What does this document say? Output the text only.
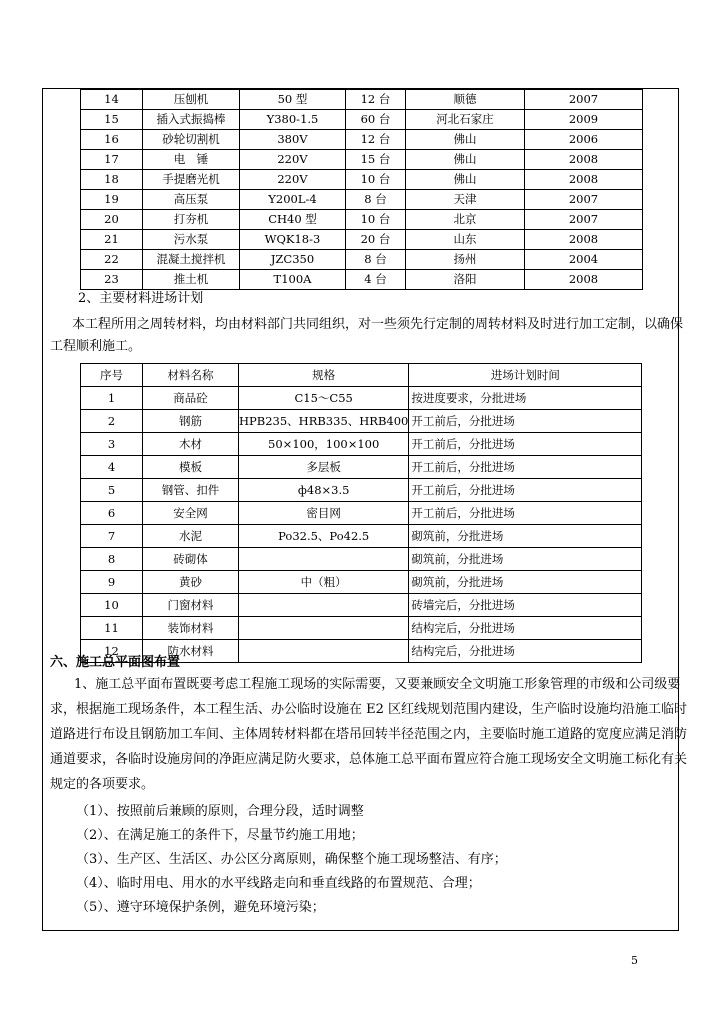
14	压刨机	50 型	12 台	顺德	2007
15	插入式振捣棒	Y380-1.5	60 台	河北石家庄	2009
16	砂轮切割机	380V	12 台	佛山	2006
17	电　锤	220V	15 台	佛山	2008
18	手提磨光机	220V	10 台	佛山	2008
19	高压泵	Y200L-4	8 台	天津	2007
20	打夯机	CH40 型	10 台	北京	2007
21	污水泵	WQK18-3	20 台	山东	2008
22	混凝土搅拌机	JZC350	8 台	扬州	2004
23	推土机	T100A	4 台	洛阳	2008
2、主要材料进场计划
本工程所用之周转材料，均由材料部门共同组织，对一些须先行定制的周转材料及时进行加工定制，以确保
工程顺利施工。
序号	材料名称	规格	进场计划时间
1	商品砼	C15～C55	按进度要求，分批进场
2	钢筋	HPB235、HRB335、HRB400	开工前后，分批进场
3	木材	50×100，100×100	开工前后，分批进场
4	模板	多层板	开工前后，分批进场
5	钢管、扣件	ф48×3.5	开工前后，分批进场
6	安全网	密目网	开工前后，分批进场
7	水泥	Po32.5、Po42.5	砌筑前，分批进场
8	砖砌体		砌筑前，分批进场
9	黄砂	中（粗）	砌筑前，分批进场
10	门窗材料		砖墙完后，分批进场
11	装饰材料		结构完后，分批进场
12	防水材料		结构完后，分批进场
六、施工总平面图布置
1、施工总平面布置既要考虑工程施工现场的实际需要，又要兼顾安全文明施工形象管理的市级和公司级要
求，根据施工现场条件，本工程生活、办公临时设施在 E2 区红线规划范围内建设，生产临时设施均沿施工临时
道路进行布设且钢筋加工车间、主体周转材料都在塔吊回转半径范围之内，主要临时施工道路的宽度应满足消防
通道要求，各临时设施房间的净距应满足防火要求，总体施工总平面布置应符合施工现场安全文明施工标化有关
规定的各项要求。
（1）、按照前后兼顾的原则，合理分段，适时调整
（2）、在满足施工的条件下，尽量节约施工用地；
（3）、生产区、生活区、办公区分离原则，确保整个施工现场整洁、有序；
（4）、临时用电、用水的水平线路走向和垂直线路的布置规范、合理；
（5）、遵守环境保护条例，避免环境污染；
5
